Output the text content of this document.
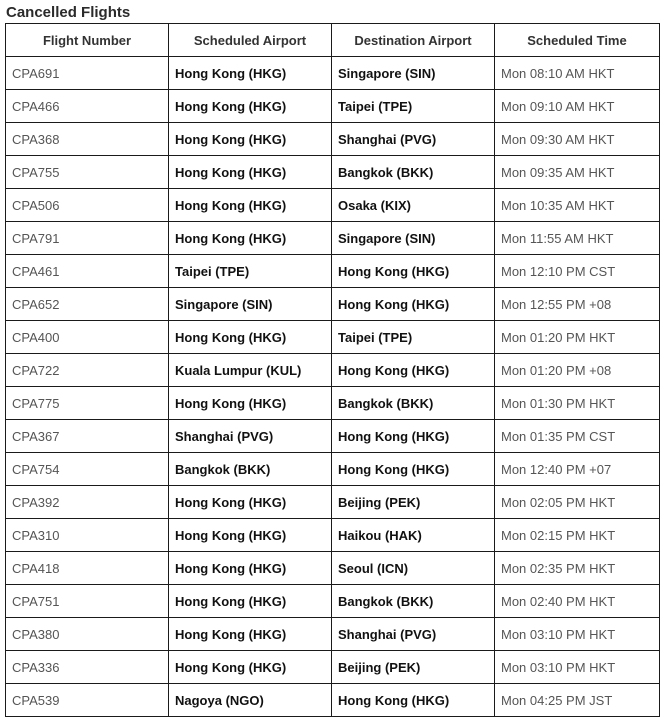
Cancelled Flights
Flight Number	Scheduled Airport	Destination Airport	Scheduled Time
CPA691	Hong Kong (HKG)	Singapore (SIN)	Mon 08:10 AM HKT
CPA466	Hong Kong (HKG)	Taipei (TPE)	Mon 09:10 AM HKT
CPA368	Hong Kong (HKG)	Shanghai (PVG)	Mon 09:30 AM HKT
CPA755	Hong Kong (HKG)	Bangkok (BKK)	Mon 09:35 AM HKT
CPA506	Hong Kong (HKG)	Osaka (KIX)	Mon 10:35 AM HKT
CPA791	Hong Kong (HKG)	Singapore (SIN)	Mon 11:55 AM HKT
CPA461	Taipei (TPE)	Hong Kong (HKG)	Mon 12:10 PM CST
CPA652	Singapore (SIN)	Hong Kong (HKG)	Mon 12:55 PM +08
CPA400	Hong Kong (HKG)	Taipei (TPE)	Mon 01:20 PM HKT
CPA722	Kuala Lumpur (KUL)	Hong Kong (HKG)	Mon 01:20 PM +08
CPA775	Hong Kong (HKG)	Bangkok (BKK)	Mon 01:30 PM HKT
CPA367	Shanghai (PVG)	Hong Kong (HKG)	Mon 01:35 PM CST
CPA754	Bangkok (BKK)	Hong Kong (HKG)	Mon 12:40 PM +07
CPA392	Hong Kong (HKG)	Beijing (PEK)	Mon 02:05 PM HKT
CPA310	Hong Kong (HKG)	Haikou (HAK)	Mon 02:15 PM HKT
CPA418	Hong Kong (HKG)	Seoul (ICN)	Mon 02:35 PM HKT
CPA751	Hong Kong (HKG)	Bangkok (BKK)	Mon 02:40 PM HKT
CPA380	Hong Kong (HKG)	Shanghai (PVG)	Mon 03:10 PM HKT
CPA336	Hong Kong (HKG)	Beijing (PEK)	Mon 03:10 PM HKT
CPA539	Nagoya (NGO)	Hong Kong (HKG)	Mon 04:25 PM JST
